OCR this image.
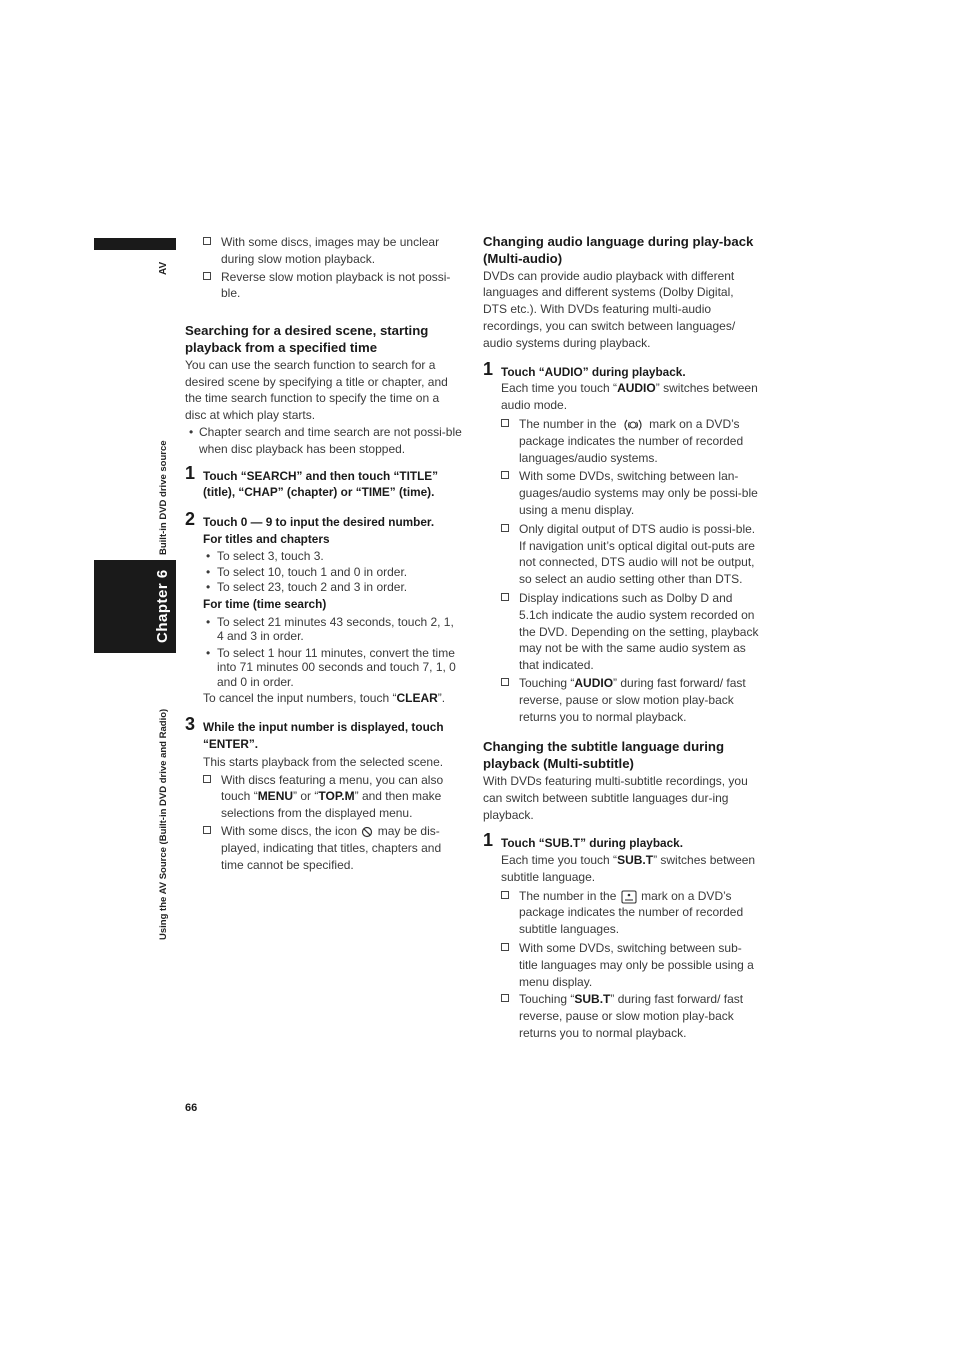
AV
Built-in DVD drive source
Chapter 6
Using the AV Source (Built-in DVD drive and Radio)
With some discs, images may be unclear during slow motion playback.
Reverse slow motion playback is not possi-ble.

Searching for a desired scene, starting playback from a specified time

You can use the search function to search for a desired scene by specifying a title or chapter, and the time search function to specify the time on a disc at which play starts.

• Chapter search and time search are not possi-ble when disc playback has been stopped.
1 Touch “SEARCH” and then touch “TITLE” (title), “CHAP” (chapter) or “TIME” (time).
2 Touch 0 — 9 to input the desired number.

For titles and chapters

• To select 3, touch 3.
• To select 10, touch 1 and 0 in order.
• To select 23, touch 2 and 3 in order.

For time (time search)

• To select 21 minutes 43 seconds, touch 2, 1, 4 and 3 in order.
• To select 1 hour 11 minutes, convert the time into 71 minutes 00 seconds and touch 7, 1, 0 and 0 in order.

To cancel the input numbers, touch “CLEAR”.

3 While the input number is displayed, touch “ENTER”.

This starts playback from the selected scene.

With discs featuring a menu, you can also touch “MENU” or “TOP.M” and then make selections from the displayed menu.
With some discs, the icon may be dis-played, indicating that titles, chapters and time cannot be specified.

Changing audio language during play-back (Multi-audio)

DVDs can provide audio playback with different languages and different systems (Dolby Digital, DTS etc.). With DVDs featuring multi-audio recordings, you can switch between languages/ audio systems during playback.

1 Touch “AUDIO” during playback.

Each time you touch “AUDIO” switches between audio mode.

The number in the	mark on a DVD’s package indicates the number of recorded languages/audio systems.
With some DVDs, switching between lan-guages/audio systems may only be possi-ble using a menu display.
Only digital output of DTS audio is possi-ble. If navigation unit’s optical digital out-puts are not connected, DTS audio will not be output, so select an audio setting other than DTS.
Display indications such as Dolby D and 5.1ch indicate the audio system recorded on the DVD. Depending on the setting, playback may not be with the same audio system as that indicated.
Touching “AUDIO” during fast forward/ fast reverse, pause or slow motion play-back returns you to normal playback.

Changing the subtitle language during playback (Multi-subtitle)

With DVDs featuring multi-subtitle recordings, you can switch between subtitle languages dur-ing playback.

1 Touch “SUB.T” during playback.

Each time you touch “SUB.T” switches between subtitle language.

The number in the mark on a DVD’s package indicates the number of recorded subtitle languages.
With some DVDs, switching between sub-title languages may only be possible using a menu display.
Touching “SUB.T” during fast forward/ fast reverse, pause or slow motion play-back returns you to normal playback.
66
